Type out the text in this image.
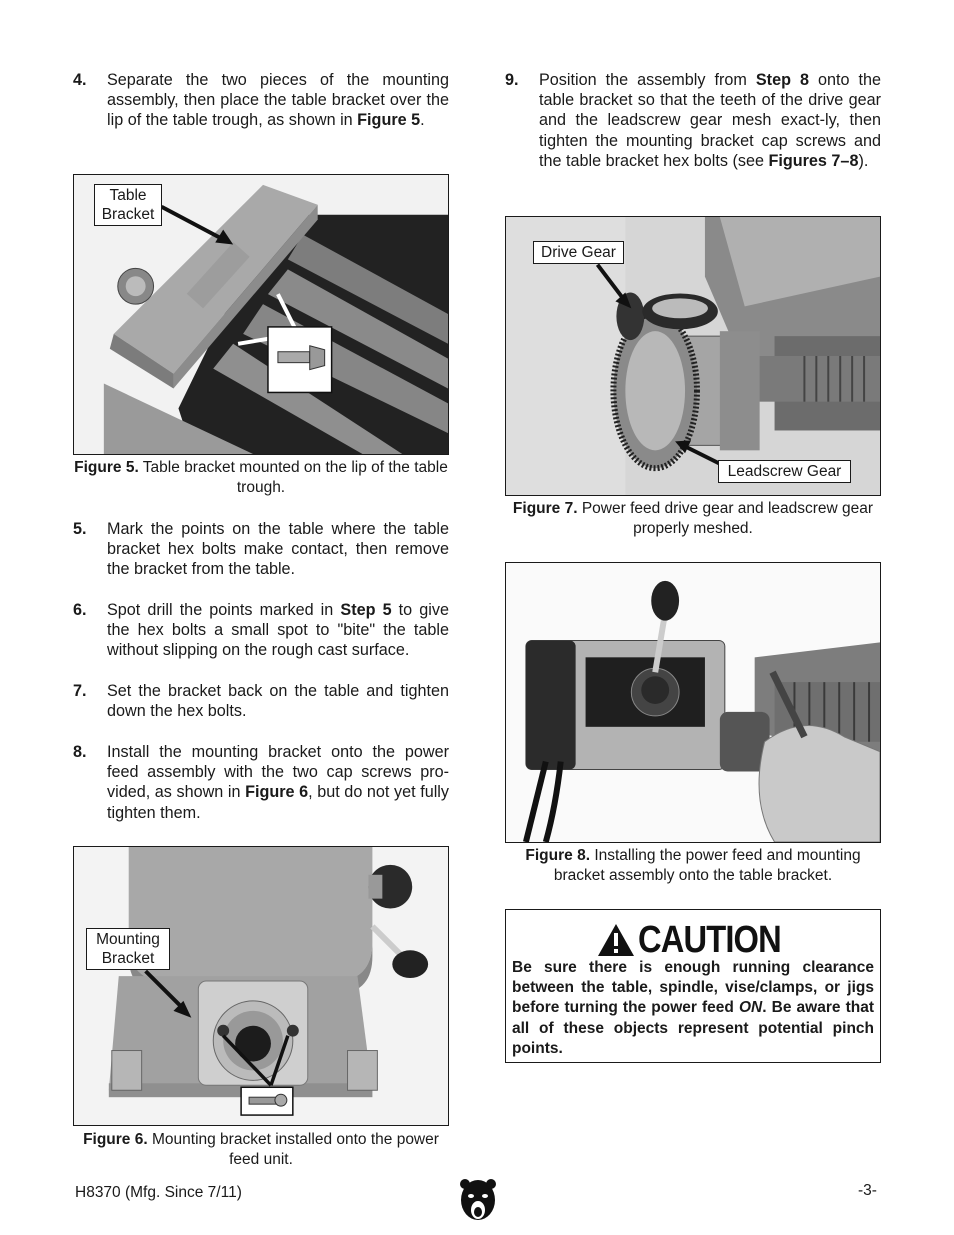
4.	Separate the two pieces of the mounting assembly, then place the table bracket over the lip of the table trough, as shown in Figure 5.
Table
Bracket
Figure 5. Table bracket mounted on the lip of the table trough.
5.	Mark the points on the table where the table bracket hex bolts make contact, then remove the bracket from the table.
6.	Spot drill the points marked in Step 5 to give the hex bolts a small spot to "bite" the table without slipping on the rough cast surface.
7.	Set the bracket back on the table and tighten down the hex bolts.
8.	Install the mounting bracket onto the power feed assembly with the two cap screws pro-vided, as shown in Figure 6, but do not yet fully tighten them.
Mounting
Bracket
Figure 6. Mounting bracket installed onto the power feed unit.
9.	Position the assembly from Step 8 onto the table bracket so that the teeth of the drive gear and the leadscrew gear mesh exact-ly, then tighten the mounting bracket cap screws and the table bracket hex bolts (see Figures 7–8).
Drive Gear
Leadscrew Gear
Figure 7. Power feed drive gear and leadscrew gear properly meshed.
Figure 8. Installing the power feed and mounting bracket assembly onto the table bracket.
CAUTION
Be sure there is enough running clearance between the table, spindle, vise/clamps, or jigs before turning the power feed ON. Be aware that all of these objects represent potential pinch points.
H8370 (Mfg. Since 7/11)	-3-
